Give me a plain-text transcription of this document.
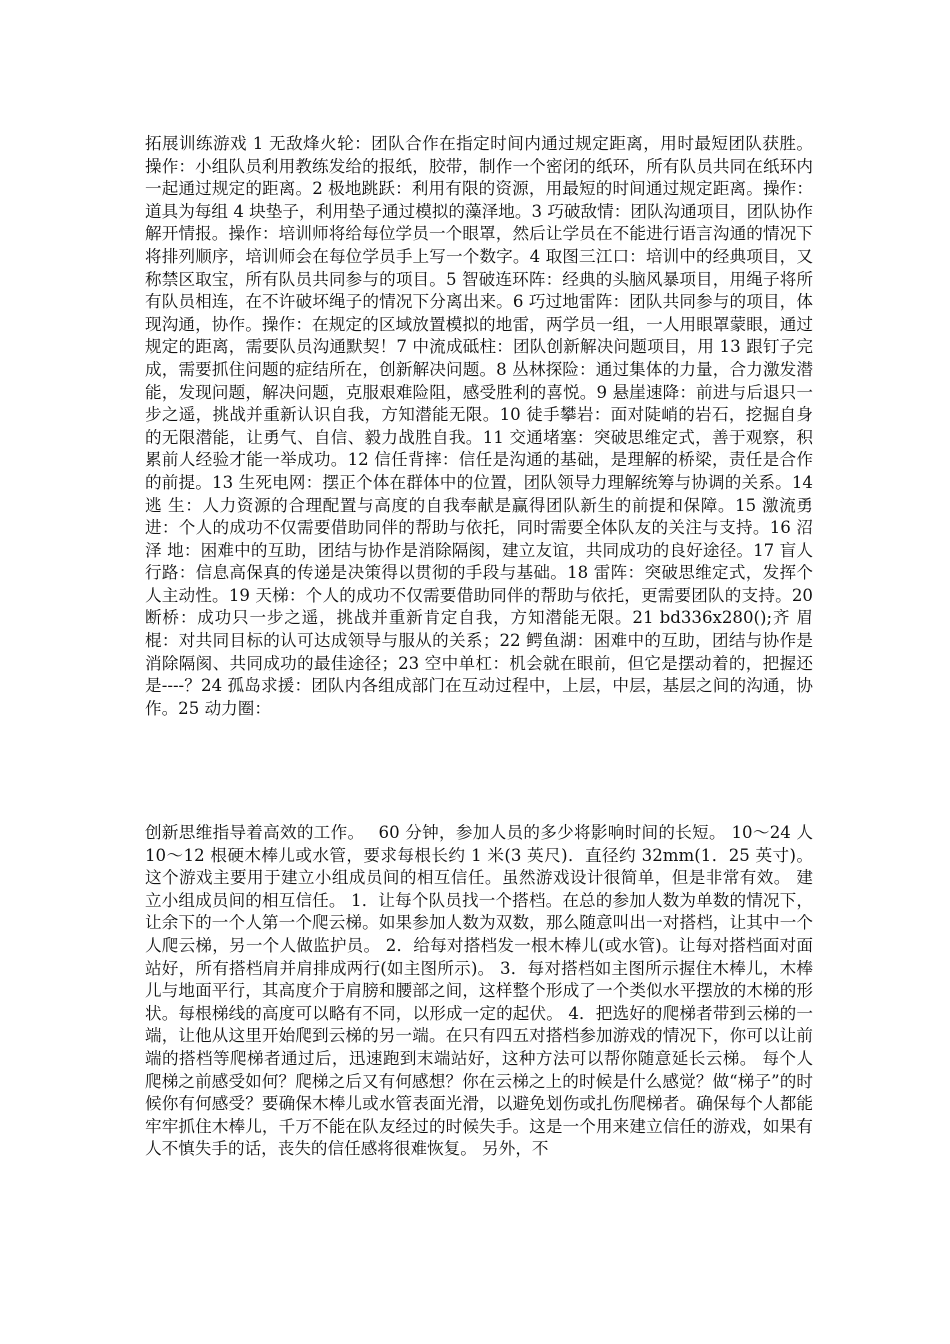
拓展训练游戏 1 无敌烽火轮：团队合作在指定时间内通过规定距离，用时最短团队获胜。操作：小组队员利用教练发给的报纸，胶带，制作一个密闭的纸环，所有队员共同在纸环内一起通过规定的距离。2 极地跳跃：利用有限的资源，用最短的时间通过规定距离。操作：道具为每组 4 块垫子，利用垫子通过模拟的藻泽地。3 巧破敌情：团队沟通项目，团队协作解开情报。操作：培训师将给每位学员一个眼罩，然后让学员在不能进行语言沟通的情况下将排列顺序，培训师会在每位学员手上写一个数字。4 取图三江口：培训中的经典项目，又称禁区取宝，所有队员共同参与的项目。5 智破连环阵：经典的头脑风暴项目，用绳子将所有队员相连，在不许破坏绳子的情况下分离出来。6 巧过地雷阵：团队共同参与的项目，体现沟通，协作。操作：在规定的区域放置模拟的地雷，两学员一组，一人用眼罩蒙眼，通过规定的距离，需要队员沟通默契！7 中流成砥柱：团队创新解决问题项目，用 13 跟钉子完成，需要抓住问题的症结所在，创新解决问题。8 丛林探险：通过集体的力量，合力激发潜能，发现问题，解决问题，克服艰难险阻，感受胜利的喜悦。9 悬崖速降：前进与后退只一步之遥，挑战并重新认识自我，方知潜能无限。10 徒手攀岩：面对陡峭的岩石，挖掘自身的无限潜能，让勇气、自信、毅力战胜自我。11 交通堵塞：突破思维定式，善于观察，积累前人经验才能一举成功。12 信任背摔：信任是沟通的基础，是理解的桥梁，责任是合作的前提。13 生死电网：摆正个体在群体中的位置，团队领导力理解统筹与协调的关系。14 逃 生：人力资源的合理配置与高度的自我奉献是赢得团队新生的前提和保障。15 激流勇进：个人的成功不仅需要借助同伴的帮助与依托，同时需要全体队友的关注与支持。16 沼 泽 地：困难中的互助，团结与协作是消除隔阂，建立友谊，共同成功的良好途径。17 盲人行路：信息高保真的传递是决策得以贯彻的手段与基础。18 雷阵：突破思维定式，发挥个人主动性。19 天梯：个人的成功不仅需要借助同伴的帮助与依托，更需要团队的支持。20 断桥：成功只一步之遥，挑战并重新肯定自我，方知潜能无限。21 bd336x280();齐 眉 棍：对共同目标的认可达成领导与服从的关系；22 鳄鱼湖：困难中的互助，团结与协作是消除隔阂、共同成功的最佳途径；23 空中单杠：机会就在眼前，但它是摆动着的，把握还是----？24 孤岛求援：团队内各组成部门在互动过程中，上层，中层，基层之间的沟通，协作。25 动力圈：

创新思维指导着高效的工作。　 60 分钟，参加人员的多少将影响时间的长短。 10～24 人 10～12 根硬木棒儿或水管，要求每根长约 1 米(3 英尺)．直径约 32mm(1．25 英寸)。 这个游戏主要用于建立小组成员间的相互信任。虽然游戏设计很简单，但是非常有效。 建立小组成员间的相互信任。 1．让每个队员找一个搭档。在总的参加人数为单数的情况下，让余下的一个人第一个爬云梯。如果参加人数为双数，那么随意叫出一对搭档，让其中一个人爬云梯，另一个人做监护员。 2．给每对搭档发一根木棒儿(或水管)。让每对搭档面对面站好，所有搭档肩并肩排成两行(如主图所示)。 3．每对搭档如主图所示握住木棒儿，木棒儿与地面平行，其高度介于肩膀和腰部之间，这样整个形成了一个类似水平摆放的木梯的形状。每根梯线的高度可以略有不同，以形成一定的起伏。 4．把选好的爬梯者带到云梯的一端，让他从这里开始爬到云梯的另一端。在只有四五对搭档参加游戏的情况下，你可以让前端的搭档等爬梯者通过后，迅速跑到末端站好，这种方法可以帮你随意延长云梯。 每个人爬梯之前感受如何？爬梯之后又有何感想？你在云梯之上的时候是什么感觉？做“梯子”的时候你有何感受？要确保木棒儿或水管表面光滑，以避免划伤或扎伤爬梯者。确保每个人都能牢牢抓住木棒儿，千万不能在队友经过的时候失手。这是一个用来建立信任的游戏，如果有人不慎失手的话，丧失的信任感将很难恢复。 另外，不
